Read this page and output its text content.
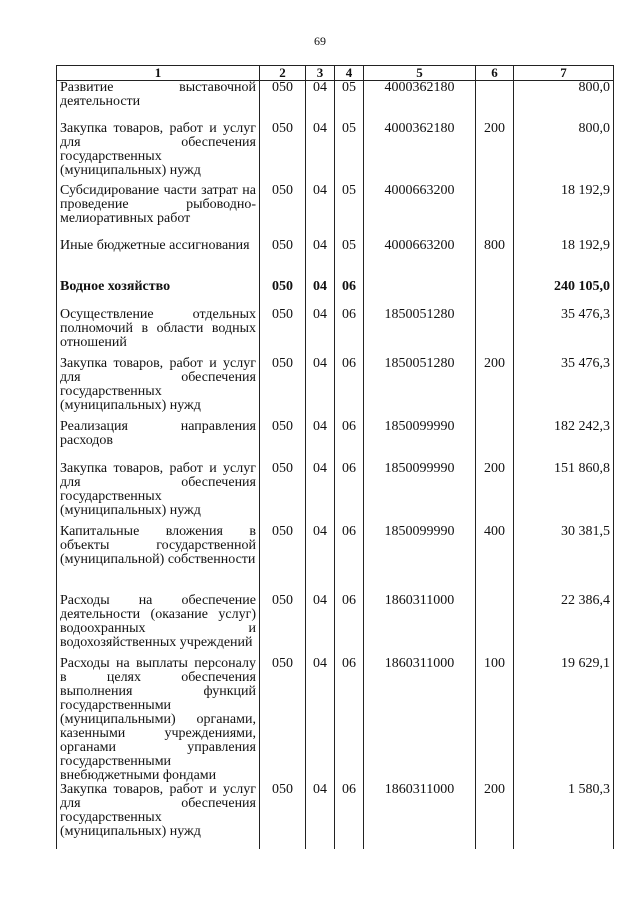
69
1	2	3	4	5	6	7
Развитие выставочной деятельности	050	04	05	4000362180		800,0
Закупка товаров, работ и услуг для обеспечения государственных (муниципальных) нужд	050	04	05	4000362180	200	800,0
Субсидирование части затрат на проведение рыбоводно-мелиоративных работ	050	04	05	4000663200		18 192,9
Иные бюджетные ассигнования	050	04	05	4000663200	800	18 192,9
Водное хозяйство	050	04	06			240 105,0
Осуществление отдельных полномочий в области водных отношений	050	04	06	1850051280		35 476,3
Закупка товаров, работ и услуг для обеспечения государственных (муниципальных) нужд	050	04	06	1850051280	200	35 476,3
Реализация направления расходов	050	04	06	1850099990		182 242,3
Закупка товаров, работ и услуг для обеспечения государственных (муниципальных) нужд	050	04	06	1850099990	200	151 860,8
Капитальные вложения в объекты государственной (муниципальной) собственности	050	04	06	1850099990	400	30 381,5
Расходы на обеспечение деятельности (оказание услуг) водоохранных и водохозяйственных учреждений	050	04	06	1860311000		22 386,4
Расходы на выплаты персоналу в целях обеспечения выполнения функций государственными (муниципальными) органами, казенными учреждениями, органами управления государственными внебюджетными фондами	050	04	06	1860311000	100	19 629,1
Закупка товаров, работ и услуг для обеспечения государственных (муниципальных) нужд	050	04	06	1860311000	200	1 580,3
